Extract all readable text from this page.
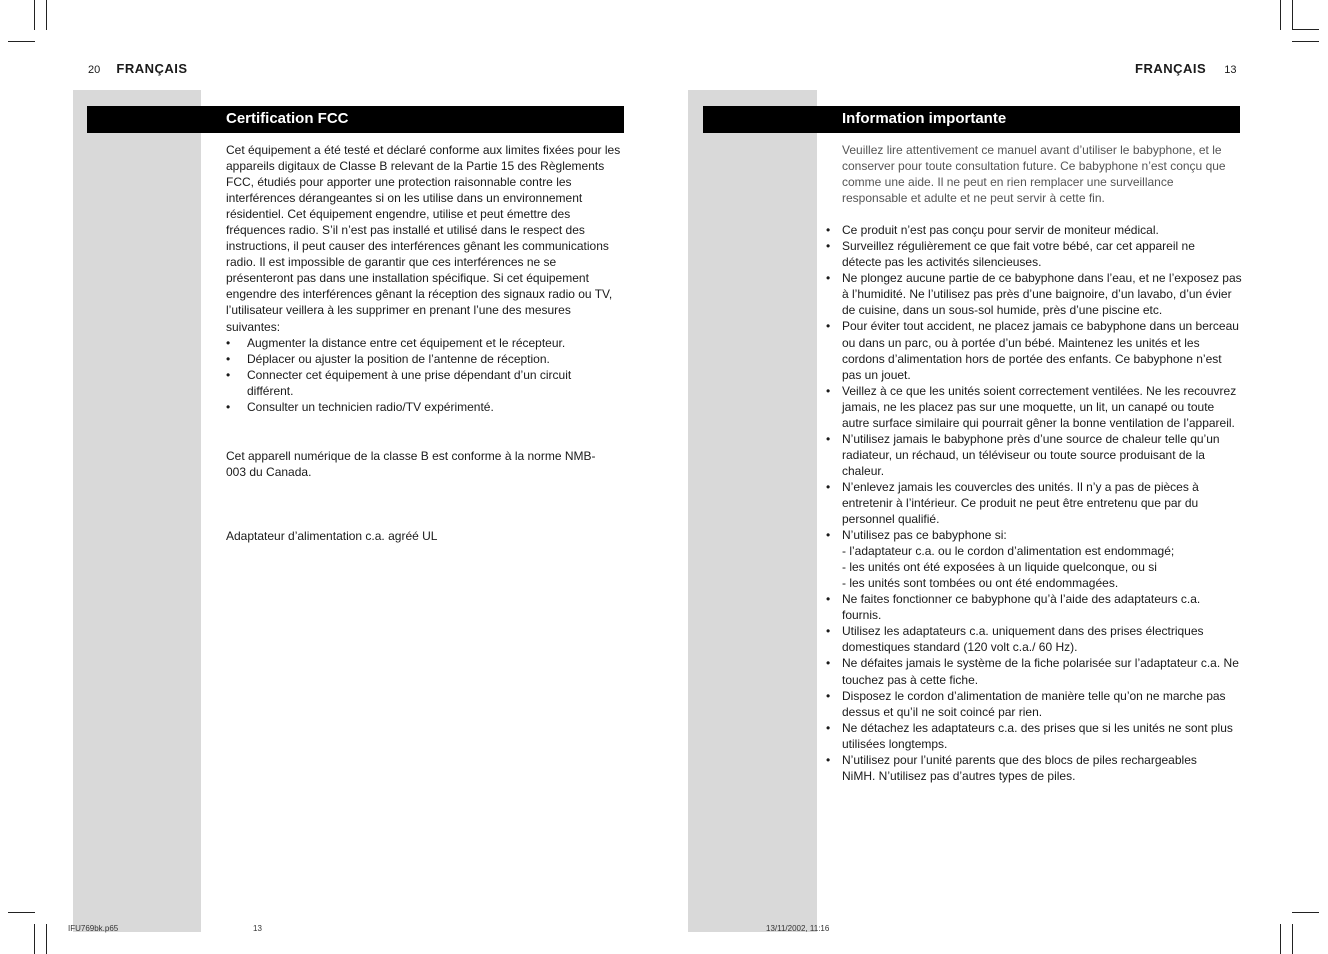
20 FRANÇAIS
Certification FCC

Cet équipement a été testé et déclaré conforme aux limites fixées pour les appareils digitaux de Classe B relevant de la Partie 15 des Règlements FCC, étudiés pour apporter une protection raisonnable contre les interférences dérangeantes si on les utilise dans un environnement résidentiel. Cet équipement engendre, utilise et peut émettre des fréquences radio. S’il n’est pas installé et utilisé dans le respect des instructions, il peut causer des interférences gênant les communications radio. Il est impossible de garantir que ces interférences ne se présenteront pas dans une installation spécifique. Si cet équipement engendre des interférences gênant la réception des signaux radio ou TV, l’utilisateur veillera à les supprimer en prenant l’une des mesures suivantes:

• Augmenter la distance entre cet équipement et le récepteur.
• Déplacer ou ajuster la position de l’antenne de réception.
• Connecter cet équipement à une prise dépendant d’un circuit différent.
• Consulter un technicien radio/TV expérimenté.

Cet apparell numérique de la classe B est conforme à la norme NMB-003 du Canada.

Adaptateur d’alimentation c.a. agréé UL

FRANÇAIS 13
Information importante

Veuillez lire attentivement ce manuel avant d’utiliser le babyphone, et le conserver pour toute consultation future. Ce babyphone n’est conçu que comme une aide. Il ne peut en rien remplacer une surveillance responsable et adulte et ne peut servir à cette fin.

• Ce produit n’est pas conçu pour servir de moniteur médical.
• Surveillez régulièrement ce que fait votre bébé, car cet appareil ne détecte pas les activités silencieuses.
• Ne plongez aucune partie de ce babyphone dans l’eau, et ne l’exposez pas à l’humidité. Ne l’utilisez pas près d’une baignoire, d’un lavabo, d’un évier de cuisine, dans un sous-sol humide, près d’une piscine etc.
• Pour éviter tout accident, ne placez jamais ce babyphone dans un berceau ou dans un parc, ou à portée d’un bébé. Maintenez les unités et les cordons d’alimentation hors de portée des enfants. Ce babyphone n’est pas un jouet.
• Veillez à ce que les unités soient correctement ventilées. Ne les recouvrez jamais, ne les placez pas sur une moquette, un lit, un canapé ou toute autre surface similaire qui pourrait gêner la bonne ventilation de l’appareil.
• N’utilisez jamais le babyphone près d’une source de chaleur telle qu’un radiateur, un réchaud, un téléviseur ou toute source produisant de la chaleur.
• N’enlevez jamais les couvercles des unités. Il n’y a pas de pièces à entretenir à l’intérieur. Ce produit ne peut être entretenu que par du personnel qualifié.
• N’utilisez pas ce babyphone si:
- l’adaptateur c.a. ou le cordon d’alimentation est endommagé;
- les unités ont été exposées à un liquide quelconque, ou si
- les unités sont tombées ou ont été endommagées.
• Ne faites fonctionner ce babyphone qu’à l’aide des adaptateurs c.a. fournis.
• Utilisez les adaptateurs c.a. uniquement dans des prises électriques domestiques standard (120 volt c.a./ 60 Hz).
• Ne défaites jamais le système de la fiche polarisée sur l’adaptateur c.a. Ne touchez pas à cette fiche.
• Disposez le cordon d’alimentation de manière telle qu’on ne marche pas dessus et qu’il ne soit coincé par rien.
• Ne détachez les adaptateurs c.a. des prises que si les unités ne sont plus utilisées longtemps.
• N’utilisez pour l’unité parents que des blocs de piles rechargeables NiMH. N’utilisez pas d’autres types de piles.
IFU769bk.p65	13	13/11/2002, 11:16
